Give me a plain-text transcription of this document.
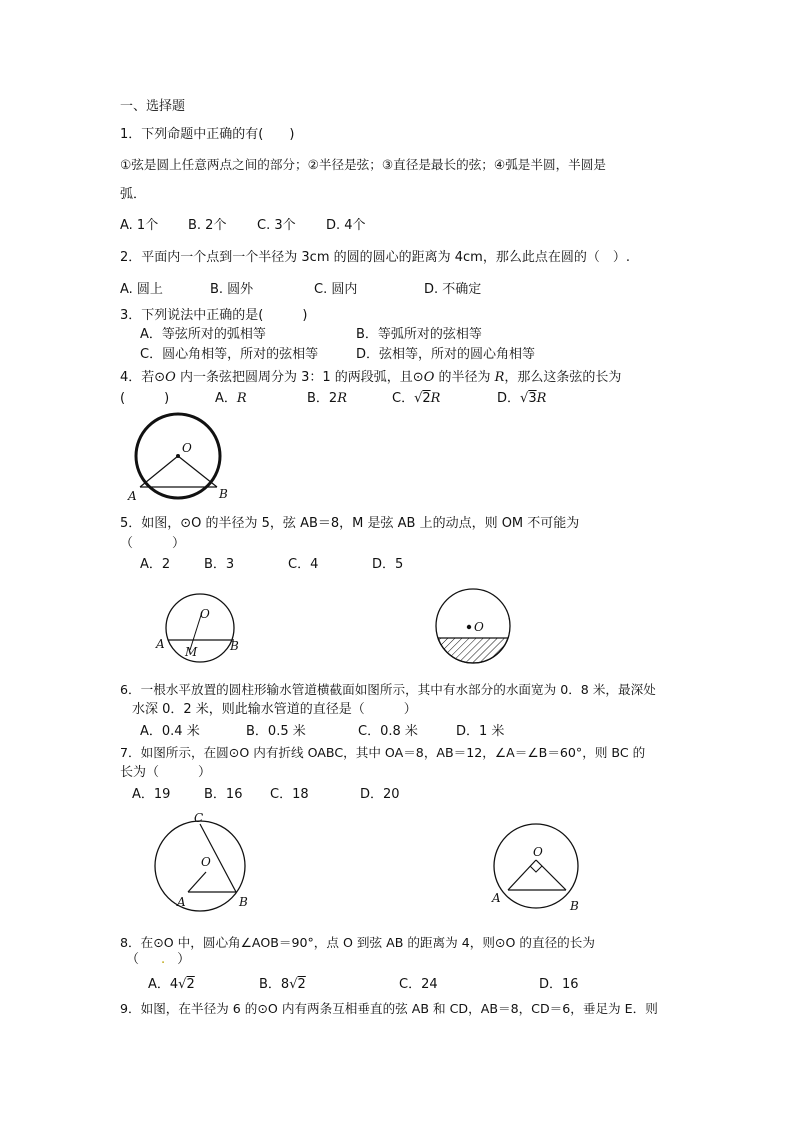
一、选择题
1．下列命题中正确的有(　　)
①弦是圆上任意两点之间的部分；②半径是弦；③直径是最长的弦；④弧是半圆，半圆是
弧．
A. 1个 B. 2个 C. 3个 D. 4个
2．平面内一个点到一个半径为 3cm 的圆的圆心的距离为 4cm，那么此点在圆的（　）.
A. 圆上	B. 圆外	C. 圆内	D. 不确定
3．下列说法中正确的是(　　　)
A．等弦所对的弧相等	B．等弧所对的弦相等
C．圆心角相等，所对的弦相等	D．弦相等，所对的圆心角相等
4．若⊙O 内一条弦把圆周分为 3：1 的两段弧，且⊙O 的半径为 R，那么这条弦的长为
(　　　)	A．R	B．2R	C．√2R	D．√3R
O
A	B
5．如图，⊙O 的半径为 5，弦 AB＝8，M 是弦 AB 上的动点，则 OM 不可能为
（　　　）
A．2	B．3	C．4	D．5
O
A	B
M
O
6．一根水平放置的圆柱形输水管道横截面如图所示，其中有水部分的水面宽为 0．8 米，最深处
水深 0．2 米，则此输水管道的直径是（　　　）
A．0.4 米	B．0.5 米	C．0.8 米	D．1 米
7．如图所示，在圆⊙O 内有折线 OABC，其中 OA＝8，AB＝12，∠A＝∠B＝60°，则 BC 的
长为（　　　）
A．19	B．16 C．18	D．20
C
O
A	B
O
A
B
8．在⊙O 中，圆心角∠AOB＝90°，点 O 到弦 AB 的距离为 4，则⊙O 的直径的长为
（ . ）
A．4√2	B．8√2	C．24	D．16
9．如图，在半径为 6 的⊙O 内有两条互相垂直的弦 AB 和 CD，AB＝8，CD＝6，垂足为 E．则
